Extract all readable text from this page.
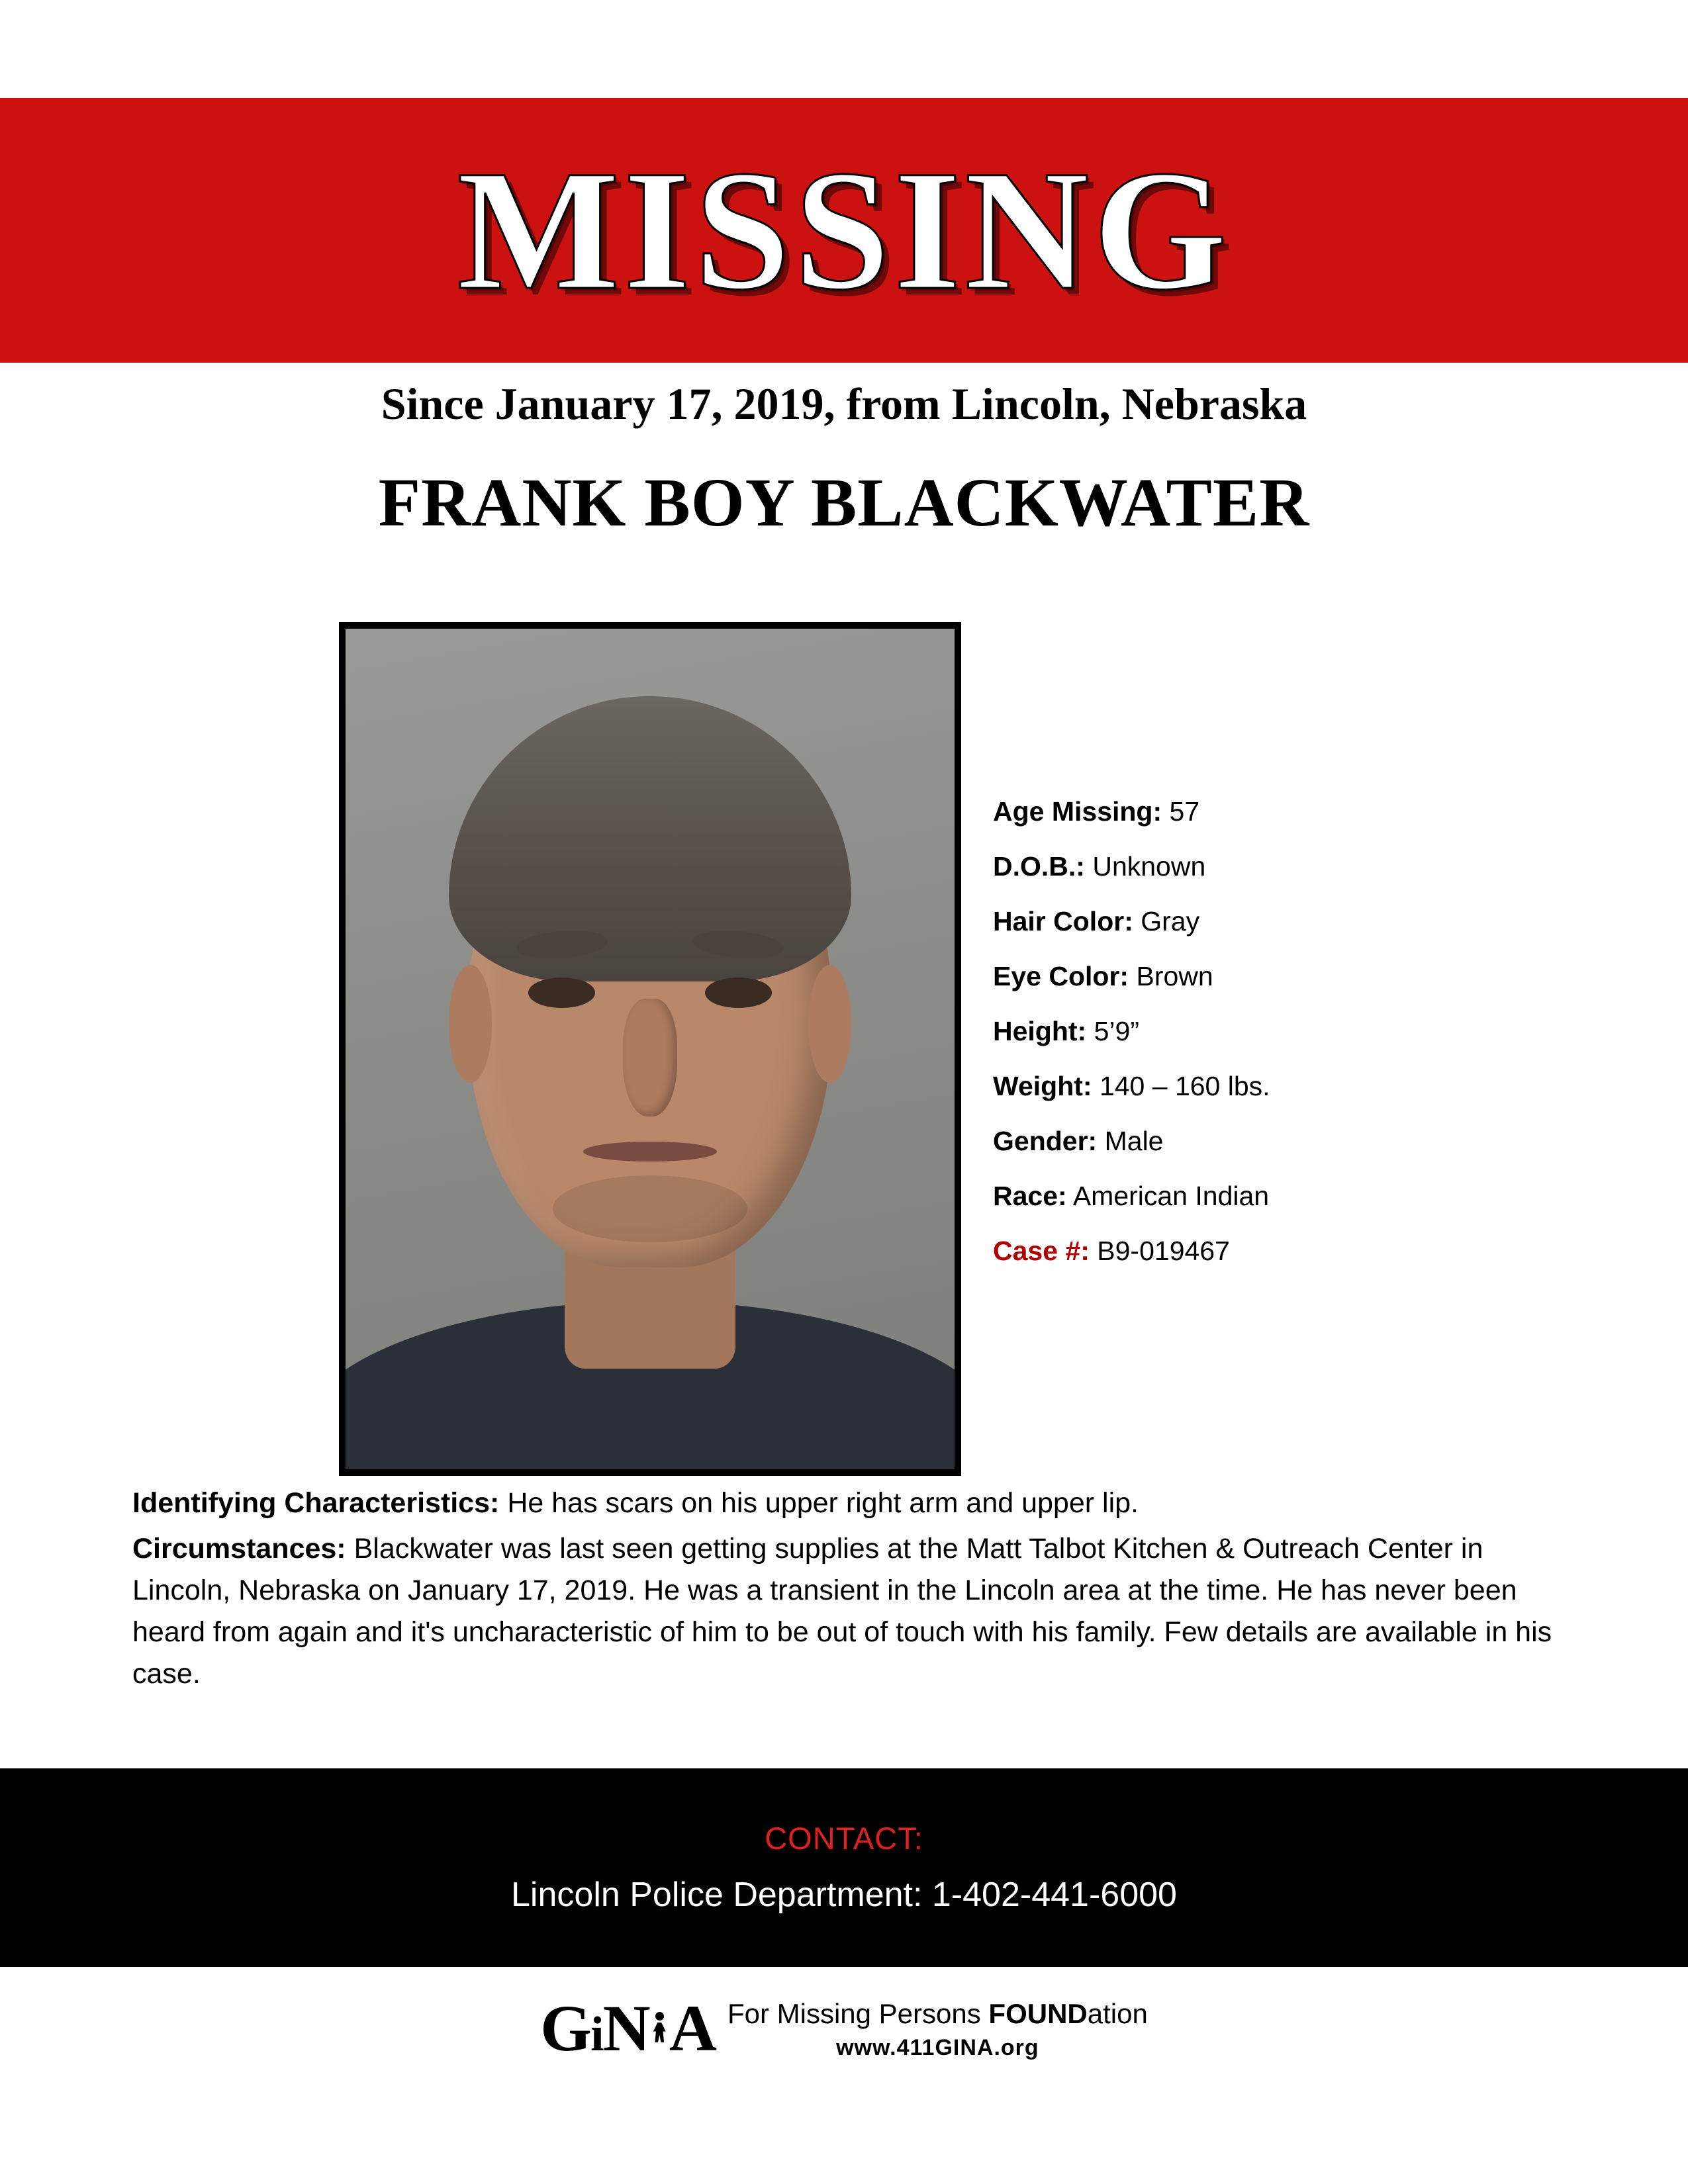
MISSING
Since January 17, 2019, from Lincoln, Nebraska
FRANK BOY BLACKWATER
Age Missing: 57
D.O.B.: Unknown
Hair Color: Gray
Eye Color: Brown
Height: 5’9”
Weight: 140 – 160 lbs.
Gender: Male
Race: American Indian
Case #: B9-019467

Identifying Characteristics: He has scars on his upper right arm and upper lip.

Circumstances: Blackwater was last seen getting supplies at the Matt Talbot Kitchen & Outreach Center in Lincoln, Nebraska on January 17, 2019. He was a transient in the Lincoln area at the time. He has never been heard from again and it's uncharacteristic of him to be out of touch with his family. Few details are available in his case.

CONTACT:
Lincoln Police Department: 1-402-441-6000
GiN A For Missing Persons FOUNDation
www.411GINA.org
